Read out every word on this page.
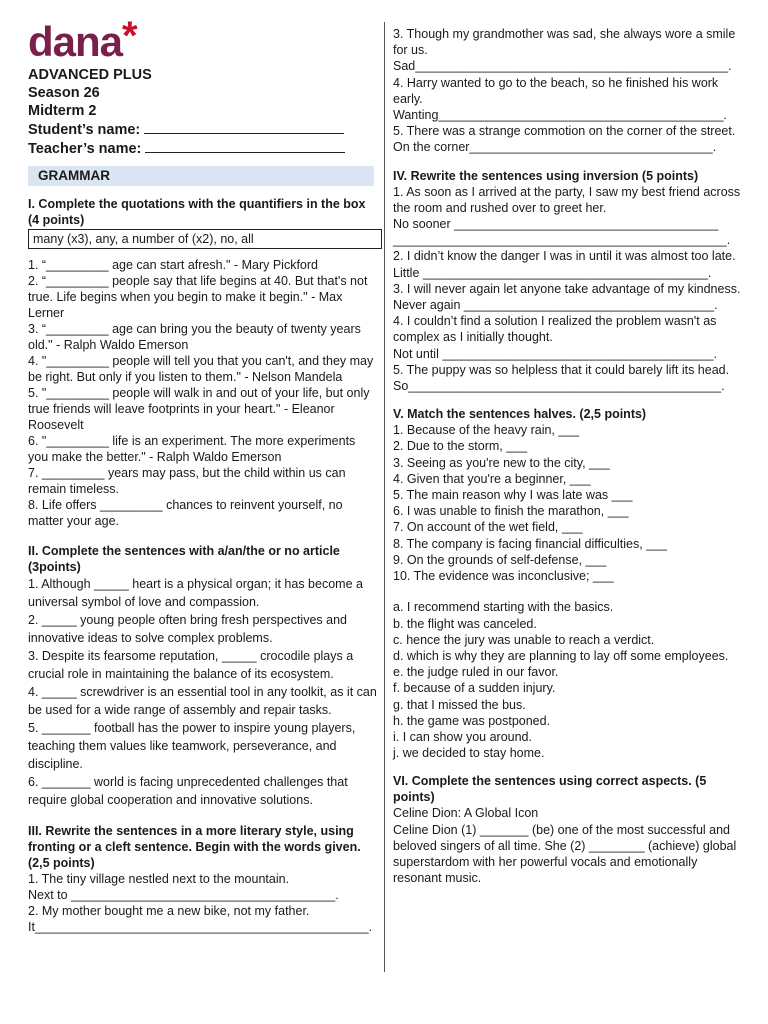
dana*
ADVANCED PLUS
Season 26
Midterm 2
Student’s name:
Teacher’s name:
GRAMMAR
I. Complete the quotations with the quantifiers in the box (4 points)
many (x3), any, a number of (x2), no, all
1. “_________ age can start afresh." - Mary Pickford
2. “_________ people say that life begins at 40. But that's not true. Life begins when you begin to make it begin." - Max Lerner
3. “_________ age can bring you the beauty of twenty years old." - Ralph Waldo Emerson
4. "_________ people will tell you that you can't, and they may be right. But only if you listen to them." - Nelson Mandela
5. "_________ people will walk in and out of your life, but only true friends will leave footprints in your heart." - Eleanor Roosevelt
6. "_________ life is an experiment. The more experiments you make the better." - Ralph Waldo Emerson
7. _________ years may pass, but the child within us can remain timeless.
8. Life offers _________ chances to reinvent yourself, no matter your age.
II. Complete the sentences with a/an/the or no article (3points)
1. Although _____ heart is a physical organ; it has become a universal symbol of love and compassion.
2. _____ young people often bring fresh perspectives and innovative ideas to solve complex problems.
3. Despite its fearsome reputation, _____ crocodile plays a crucial role in maintaining the balance of its ecosystem.
4. _____ screwdriver is an essential tool in any toolkit, as it can be used for a wide range of assembly and repair tasks.
5. _______ football has the power to inspire young players, teaching them values like teamwork, perseverance, and discipline.
6. _______ world is facing unprecedented challenges that require global cooperation and innovative solutions.
III. Rewrite the sentences in a more literary style, using fronting or a cleft sentence. Begin with the words given. (2,5 points)
1. The tiny village nestled next to the mountain.
Next to ______________________________________.
2. My mother bought me a new bike, not my father.
It________________________________________________.
3. Though my grandmother was sad, she always wore a smile for us.
Sad_____________________________________________.
4. Harry wanted to go to the beach, so he finished his work early.
Wanting_________________________________________.
5. There was a strange commotion on the corner of the street.
On the corner___________________________________.
IV. Rewrite the sentences using inversion (5 points)
1. As soon as I arrived at the party, I saw my best friend across the room and rushed over to greet her.
No sooner ______________________________________
________________________________________________.
2. I didn’t know the danger I was in until it was almost too late.
Little _________________________________________.
3. I will never again let anyone take advantage of my kindness.
Never again ____________________________________.
4. I couldn’t find a solution I realized the problem wasn't as complex as I initially thought.
Not until _______________________________________.
5. The puppy was so helpless that it could barely lift its head.
So_____________________________________________.
V. Match the sentences halves. (2,5 points)
1. Because of the heavy rain, ___
2. Due to the storm, ___
3. Seeing as you're new to the city, ___
4. Given that you're a beginner, ___
5. The main reason why I was late was ___
6. I was unable to finish the marathon, ___
7. On account of the wet field, ___
8. The company is facing financial difficulties, ___
9. On the grounds of self-defense, ___
10. The evidence was inconclusive; ___
a. I recommend starting with the basics.
b. the flight was canceled.
c. hence the jury was unable to reach a verdict.
d. which is why they are planning to lay off some employees.
e. the judge ruled in our favor.
f. because of a sudden injury.
g. that I missed the bus.
h. the game was postponed.
i. I can show you around.
j. we decided to stay home.
VI. Complete the sentences using correct aspects. (5 points)
Celine Dion: A Global Icon
Celine Dion (1) _______ (be) one of the most successful and beloved singers of all time. She (2) ________ (achieve) global superstardom with her powerful vocals and emotionally resonant music.
